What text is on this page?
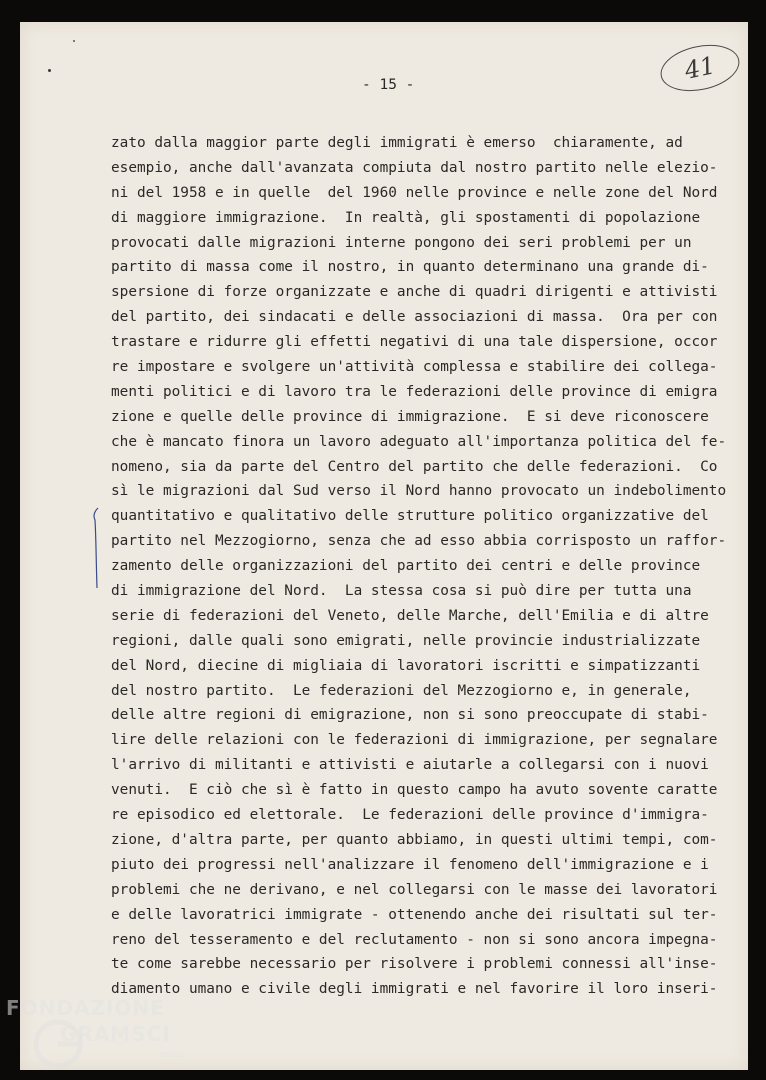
- 15 -
41
zato dalla maggior parte degli immigrati è emerso  chiaramente, ad
esempio, anche dall'avanzata compiuta dal nostro partito nelle elezio-
ni del 1958 e in quelle  del 1960 nelle province e nelle zone del Nord
di maggiore immigrazione.  In realtà, gli spostamenti di popolazione
provocati dalle migrazioni interne pongono dei seri problemi per un
partito di massa come il nostro, in quanto determinano una grande di-
spersione di forze organizzate e anche di quadri dirigenti e attivisti
del partito, dei sindacati e delle associazioni di massa.  Ora per con
trastare e ridurre gli effetti negativi di una tale dispersione, occor
re impostare e svolgere un'attività complessa e stabilire dei collega-
menti politici e di lavoro tra le federazioni delle province di emigra
zione e quelle delle province di immigrazione.  E si deve riconoscere
che è mancato finora un lavoro adeguato all'importanza politica del fe-
nomeno, sia da parte del Centro del partito che delle federazioni.  Co
sì le migrazioni dal Sud verso il Nord hanno provocato un indebolimento
quantitativo e qualitativo delle strutture politico organizzative del
partito nel Mezzogiorno, senza che ad esso abbia corrisposto un raffor-
zamento delle organizzazioni del partito dei centri e delle province
di immigrazione del Nord.  La stessa cosa si può dire per tutta una
serie di federazioni del Veneto, delle Marche, dell'Emilia e di altre
regioni, dalle quali sono emigrati, nelle provincie industrializzate
del Nord, diecine di migliaia di lavoratori iscritti e simpatizzanti
del nostro partito.  Le federazioni del Mezzogiorno e, in generale,
delle altre regioni di emigrazione, non si sono preoccupate di stabi-
lire delle relazioni con le federazioni di immigrazione, per segnalare
l'arrivo di militanti e attivisti e aiutarle a collegarsi con i nuovi
venuti.  E ciò che sì è fatto in questo campo ha avuto sovente caratte
re episodico ed elettorale.  Le federazioni delle province d'immigra-
zione, d'altra parte, per quanto abbiamo, in questi ultimi tempi, com-
piuto dei progressi nell'analizzare il fenomeno dell'immigrazione e i
problemi che ne derivano, e nel collegarsi con le masse dei lavoratori
e delle lavoratrici immigrate - ottenendo anche dei risultati sul ter-
reno del tesseramento e del reclutamento - non si sono ancora impegna-
te come sarebbe necessario per risolvere i problemi connessi all'inse-
diamento umano e civile degli immigrati e nel favorire il loro inseri-
FONDAZIONE
GRAMSCI
onlus
